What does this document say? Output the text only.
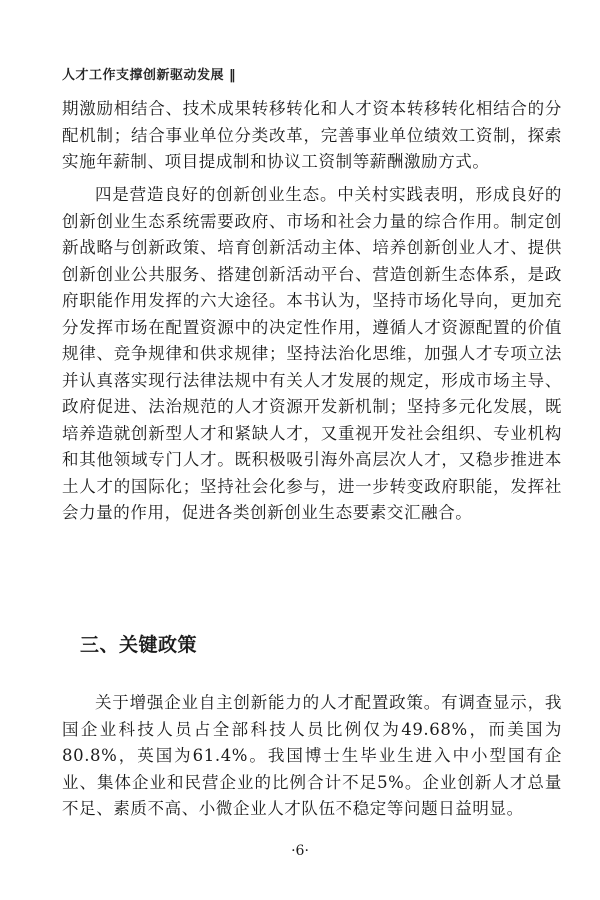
人才工作支撑创新驱动发展 ‖

期激励相结合、技术成果转移转化和人才资本转移转化相结合的分配机制；结合事业单位分类改革，完善事业单位绩效工资制，探索实施年薪制、项目提成制和协议工资制等薪酬激励方式。

四是营造良好的创新创业生态。中关村实践表明，形成良好的创新创业生态系统需要政府、市场和社会力量的综合作用。制定创新战略与创新政策、培育创新活动主体、培养创新创业人才、提供创新创业公共服务、搭建创新活动平台、营造创新生态体系，是政府职能作用发挥的六大途径。本书认为，坚持市场化导向，更加充分发挥市场在配置资源中的决定性作用，遵循人才资源配置的价值规律、竞争规律和供求规律；坚持法治化思维，加强人才专项立法并认真落实现行法律法规中有关人才发展的规定，形成市场主导、政府促进、法治规范的人才资源开发新机制；坚持多元化发展，既培养造就创新型人才和紧缺人才，又重视开发社会组织、专业机构和其他领域专门人才。既积极吸引海外高层次人才，又稳步推进本土人才的国际化；坚持社会化参与，进一步转变政府职能，发挥社会力量的作用，促进各类创新创业生态要素交汇融合。

三、关键政策

关于增强企业自主创新能力的人才配置政策。有调查显示，我国企业科技人员占全部科技人员比例仅为49.68%，而美国为80.8%，英国为61.4%。我国博士生毕业生进入中小型国有企业、集体企业和民营企业的比例合计不足5%。企业创新人才总量不足、素质不高、小微企业人才队伍不稳定等问题日益明显。

·6·
